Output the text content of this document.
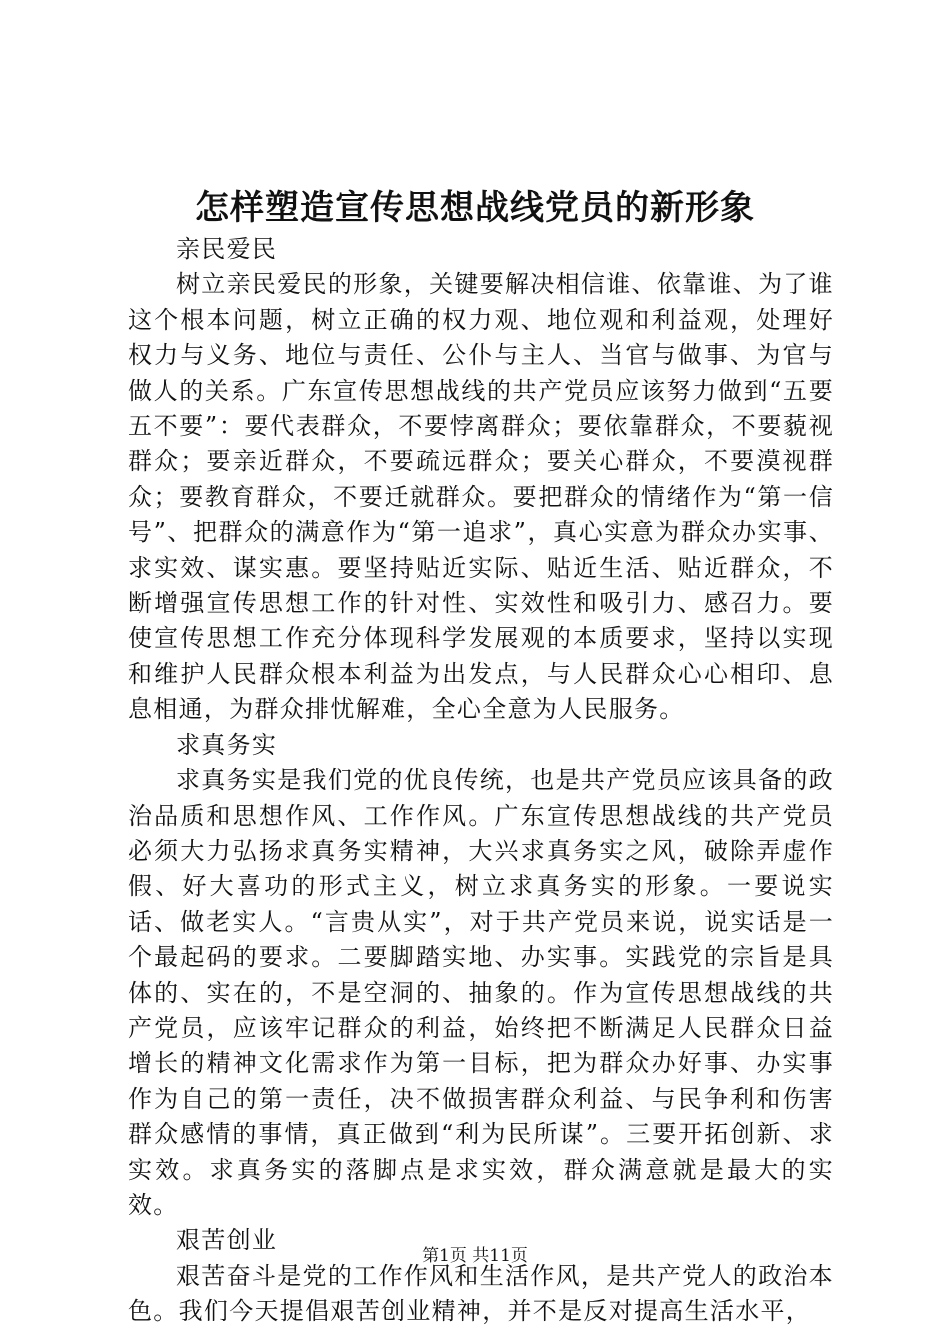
怎样塑造宣传思想战线党员的新形象

亲民爱民

树立亲民爱民的形象，关键要解决相信谁、依靠谁、为了谁这个根本问题，树立正确的权力观、地位观和利益观，处理好权力与义务、地位与责任、公仆与主人、当官与做事、为官与做人的关系。广东宣传思想战线的共产党员应该努力做到“五要五不要”：要代表群众，不要悖离群众；要依靠群众，不要藐视群众；要亲近群众，不要疏远群众；要关心群众，不要漠视群众；要教育群众，不要迁就群众。要把群众的情绪作为“第一信号”、把群众的满意作为“第一追求”，真心实意为群众办实事、求实效、谋实惠。要坚持贴近实际、贴近生活、贴近群众，不断增强宣传思想工作的针对性、实效性和吸引力、感召力。要使宣传思想工作充分体现科学发展观的本质要求，坚持以实现和维护人民群众根本利益为出发点，与人民群众心心相印、息息相通，为群众排忧解难，全心全意为人民服务。

求真务实

求真务实是我们党的优良传统，也是共产党员应该具备的政治品质和思想作风、工作作风。广东宣传思想战线的共产党员必须大力弘扬求真务实精神，大兴求真务实之风，破除弄虚作假、好大喜功的形式主义，树立求真务实的形象。一要说实话、做老实人。“言贵从实”，对于共产党员来说，说实话是一个最起码的要求。二要脚踏实地、办实事。实践党的宗旨是具体的、实在的，不是空洞的、抽象的。作为宣传思想战线的共产党员，应该牢记群众的利益，始终把不断满足人民群众日益增长的精神文化需求作为第一目标，把为群众办好事、办实事作为自己的第一责任，决不做损害群众利益、与民争利和伤害群众感情的事情，真正做到“利为民所谋”。三要开拓创新、求实效。求真务实的落脚点是求实效，群众满意就是最大的实效。

艰苦创业

艰苦奋斗是党的工作作风和生活作风，是共产党人的政治本色。我们今天提倡艰苦创业精神，并不是反对提高生活水平，

第1页 共11页
